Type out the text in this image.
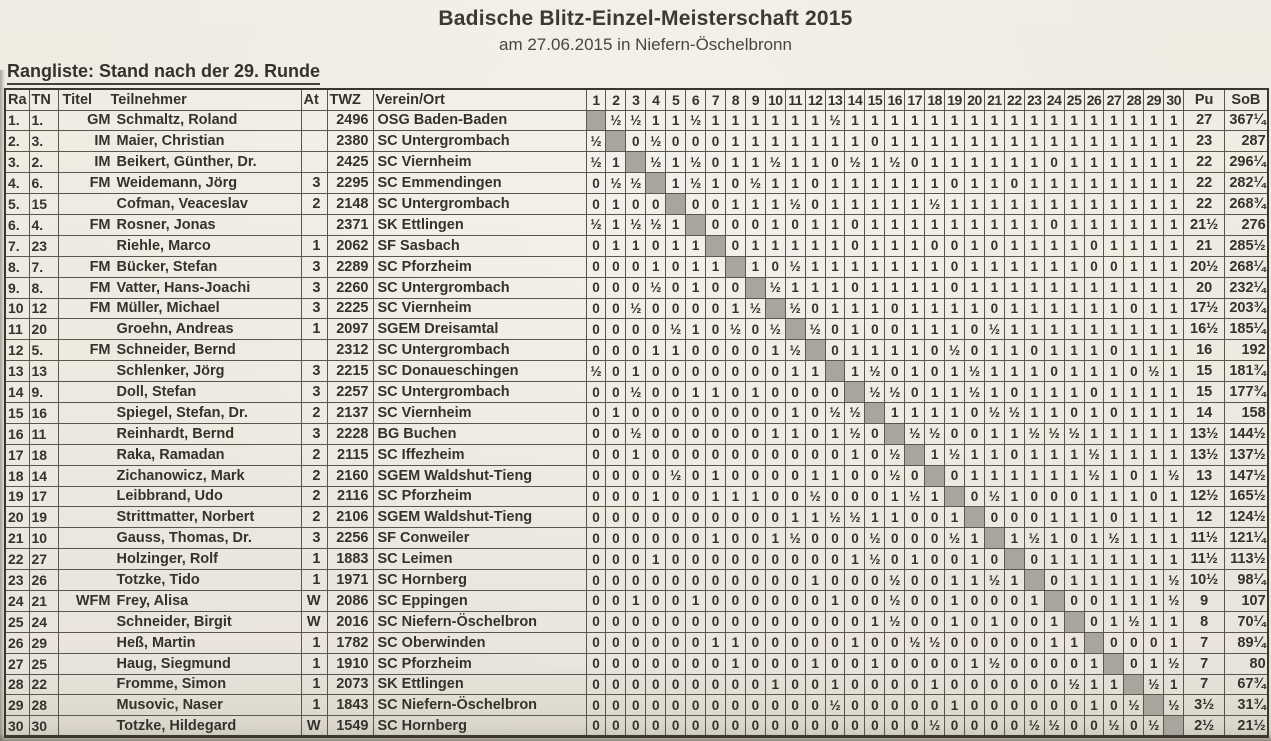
Badische Blitz-Einzel-Meisterschaft 2015
am 27.06.2015 in Niefern-Öschelbronn
Rangliste: Stand nach der 29. Runde
Ra	TN	Titel Teilnehmer	At	TWZ	Verein/Ort	1	2	3	4	5	6	7	8	9	10	11	12	13	14	15	16	17	18	19	20	21	22	23	24	25	26	27	28	29	30	Pu	SoB
1.	1.	GM Schmaltz, Roland		2496	OSG Baden-Baden		½	½	1	1	½	1	1	1	1	1	1	½	1	1	1	1	1	1	1	1	1	1	1	1	1	1	1	1	1	27	367¼
2.	3.	IM Maier, Christian		2380	SC Untergrombach	½		0	½	0	0	0	1	1	1	1	1	1	1	0	1	1	1	1	1	1	1	1	1	1	1	1	1	1	1	23	287
3.	2.	IM Beikert, Günther, Dr.		2425	SC Viernheim	½	1		½	1	½	0	1	1	½	1	1	0	½	1	½	0	1	1	1	1	1	1	0	1	1	1	1	1	1	22	296¼
4.	6.	FM Weidemann, Jörg	3	2295	SC Emmendingen	0	½	½		1	½	1	0	½	1	1	0	1	1	1	1	1	1	0	1	1	0	1	1	1	1	1	1	1	1	22	282¼
5.	15	Cofman, Veaceslav	2	2148	SC Untergrombach	0	1	0	0		0	0	1	1	1	½	0	1	1	1	1	1	½	1	1	1	1	1	1	1	1	1	1	1	1	22	268¾
6.	4.	FM Rosner, Jonas		2371	SK Ettlingen	½	1	½	½	1		0	0	0	1	0	1	1	0	1	1	1	1	1	1	1	1	1	0	1	1	1	1	1	1	21½	276
7.	23	Riehle, Marco	1	2062	SF Sasbach	0	1	1	0	1	1		0	1	1	1	1	1	0	1	1	1	0	0	1	0	1	1	1	1	0	1	1	1	1	21	285½
8.	7.	FM Bücker, Stefan	3	2289	SC Pforzheim	0	0	0	1	0	1	1		1	0	½	1	1	1	1	1	1	1	0	1	1	1	1	1	1	0	0	1	1	1	20½	268¼
9.	8.	FM Vatter, Hans-Joachi	3	2260	SC Untergrombach	0	0	0	½	0	1	0	0		½	1	1	1	0	1	1	1	1	0	1	1	1	1	1	1	1	1	1	1	1	20	232¼
10	12	FM Müller, Michael	3	2225	SC Viernheim	0	0	½	0	0	0	0	1	½		½	0	1	1	1	0	1	1	1	1	0	1	1	1	1	1	1	0	1	1	17½	203¾
11	20	Groehn, Andreas	1	2097	SGEM Dreisamtal	0	0	0	0	½	1	0	½	0	½		½	0	1	0	0	1	1	1	0	½	1	1	1	1	1	1	1	1	1	16½	185¼
12	5.	FM Schneider, Bernd		2312	SC Untergrombach	0	0	0	1	1	0	0	0	0	1	½		0	1	1	1	1	0	½	0	1	1	0	1	1	1	0	1	1	1	16	192
13	13	Schlenker, Jörg	3	2215	SC Donaueschingen	½	0	1	0	0	0	0	0	0	0	1	1		1	½	0	1	0	1	½	1	1	1	0	1	1	1	0	½	1	15	181¾
14	9.	Doll, Stefan	3	2257	SC Untergrombach	0	0	½	0	0	1	1	0	1	0	0	0	0		½	½	0	1	1	½	1	0	1	1	1	0	1	1	1	1	15	177¾
15	16	Spiegel, Stefan, Dr.	2	2137	SC Viernheim	0	1	0	0	0	0	0	0	0	0	1	0	½	½		1	1	1	1	0	½	½	1	1	0	1	0	1	1	1	14	158
16	11	Reinhardt, Bernd	3	2228	BG Buchen	0	0	½	0	0	0	0	0	0	1	1	0	1	½	0		½	½	0	0	1	1	½	½	½	1	1	1	1	1	13½	144½
17	18	Raka, Ramadan	2	2115	SC Iffezheim	0	0	1	0	0	0	0	0	0	0	0	0	0	1	0	½		1	½	1	1	0	1	1	1	½	1	1	1	1	13½	137½
18	14	Zichanowicz, Mark	2	2160	SGEM Waldshut-Tieng	0	0	0	0	½	0	1	0	0	0	0	1	1	0	0	½	0		0	1	1	1	1	1	1	½	1	0	1	½	13	147½
19	17	Leibbrand, Udo	2	2116	SC Pforzheim	0	0	0	1	0	0	1	1	1	0	0	½	0	0	0	1	½	1		0	½	1	0	0	0	1	1	1	0	1	12½	165½
20	19	Strittmatter, Norbert	2	2106	SGEM Waldshut-Tieng	0	0	0	0	0	0	0	0	0	0	1	1	½	½	1	1	0	0	1		0	0	0	1	1	1	0	1	1	1	12	124½
21	10	Gauss, Thomas, Dr.	3	2256	SF Conweiler	0	0	0	0	0	0	1	0	0	1	½	0	0	0	½	0	0	0	½	1		1	½	1	0	1	½	1	1	1	11½	121¼
22	27	Holzinger, Rolf	1	1883	SC Leimen	0	0	0	1	0	0	0	0	0	0	0	0	0	1	½	0	1	0	0	1	0		0	1	1	1	1	1	1	1	11½	113½
23	26	Totzke, Tido	1	1971	SC Hornberg	0	0	0	0	0	0	0	0	0	0	0	1	0	0	0	½	0	0	1	1	½	1		0	1	1	1	1	1	½	10½	98¼
24	21	WFM Frey, Alisa	W	2086	SC Eppingen	0	0	1	0	0	1	0	0	0	0	0	0	1	0	0	½	0	0	1	0	0	0	1		0	0	1	1	1	½	9	107
25	24	Schneider, Birgit	W	2016	SC Niefern-Öschelbron	0	0	0	0	0	0	0	0	0	0	0	0	0	0	1	½	0	0	1	0	1	0	0	1		0	1	½	1	1	8	70¼
26	29	Heß, Martin	1	1782	SC Oberwinden	0	0	0	0	0	0	1	1	0	0	0	0	0	1	0	0	½	½	0	0	0	0	0	1	1		0	0	0	1	7	89¼
27	25	Haug, Siegmund	1	1910	SC Pforzheim	0	0	0	0	0	0	0	1	0	0	0	1	0	0	1	0	0	0	0	1	½	0	0	0	0	1		0	1	½	7	80
28	22	Fromme, Simon	1	2073	SK Ettlingen	0	0	0	0	0	0	0	0	0	1	0	0	1	0	0	0	0	1	0	0	0	0	0	0	½	1	1		½	1	7	67¾
29	28	Musovic, Naser	1	1843	SC Niefern-Öschelbron	0	0	0	0	0	0	0	0	0	0	0	0	½	0	0	0	0	0	1	0	0	0	0	0	0	1	0	½		½	3½	31¾
30	30	Totzke, Hildegard	W	1549	SC Hornberg	0	0	0	0	0	0	0	0	0	0	0	0	0	0	0	0	0	½	0	0	0	0	½	½	0	0	½	0	½		2½	21½
